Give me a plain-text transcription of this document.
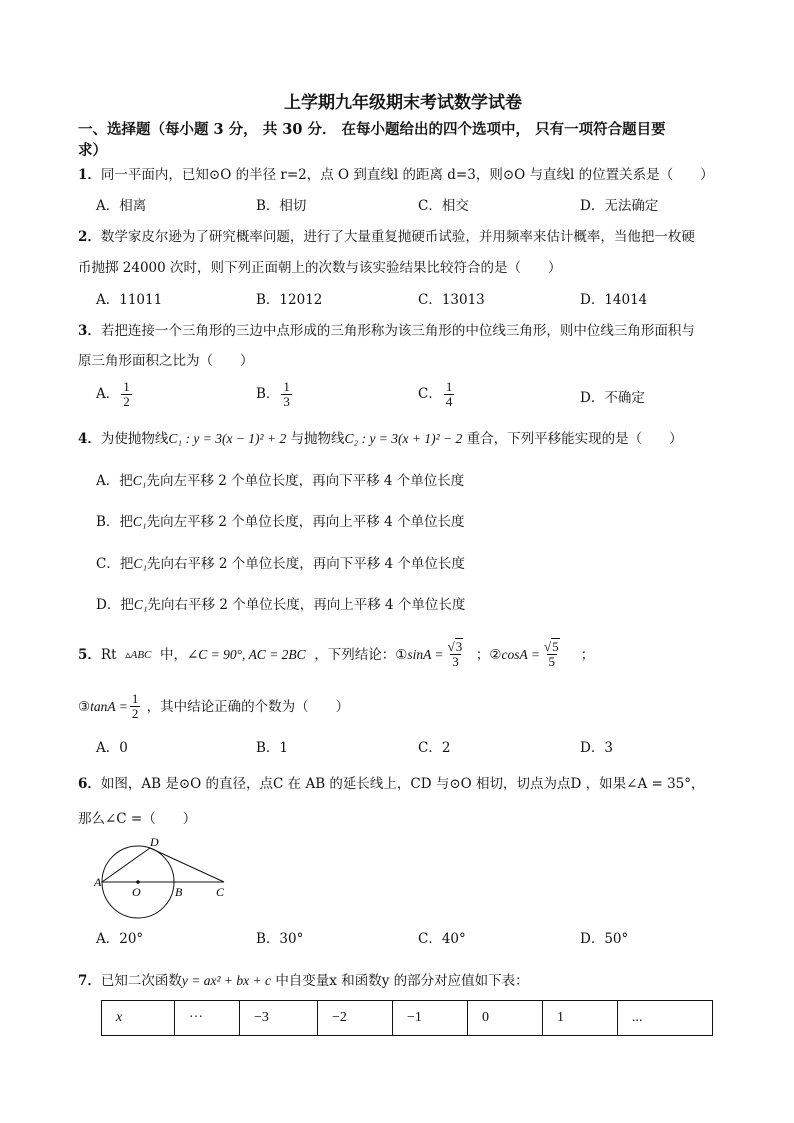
上学期九年级期末考试数学试卷
一、选择题（每小题 3 分， 共 30 分． 在每小题给出的四个选项中， 只有一项符合题目要
求）
1．同一平面内，已知⊙O 的半径 r=2，点 O 到直线l 的距离 d=3，则⊙O 与直线l 的位置关系是（　　）
A．相离	B．相切	C．相交	D．无法确定
2．数学家皮尔逊为了研究概率问题，进行了大量重复抛硬币试验，并用频率来估计概率，当他把一枚硬
币抛掷 24000 次时，则下列正面朝上的次数与该实验结果比较符合的是（　　）
A．11011	B．12012	C．13013	D．14014
3．若把连接一个三角形的三边中点形成的三角形称为该三角形的中位线三角形，则中位线三角形面积与
原三角形面积之比为（　　）
A． $\frac{1}{2}$	B． $\frac{1}{3}$	C． $\frac{1}{4}$	D．不确定
4．为使抛物线C₁ : y = 3(x − 1)² + 2 与抛物线C₂ : y = 3(x + 1)² − 2 重合，下列平移能实现的是（　　）
A．把C₁先向左平移 2 个单位长度，再向下平移 4 个单位长度
B．把C₁先向左平移 2 个单位长度，再向上平移 4 个单位长度
C．把C₁先向右平移 2 个单位长度，再向下平移 4 个单位长度
D．把C₁先向右平移 2 个单位长度，再向上平移 4 个单位长度
5． Rt
▵ABC
中， ∠C = 90°, AC = 2BC
，下列结论： ① $\sin A = \frac{√3}{3}$
； ② $\cos A = \frac{√5}{5}$
；
③ $\tan A = \frac{1}{2}$
，其中结论正确的个数为（　　）
A．0	B．1	C．2	D．3
6．如图，AB 是⊙O 的直径，点C 在 AB 的延长线上，CD 与⊙O 相切，切点为点D ，如果∠A = 35°，
那么∠C =（　　）
A
O	B	C
D
A．20°	B．30°	C．40°	D．50°
7．已知二次函数y = ax² + bx + c 中自变量x 和函数y 的部分对应值如下表：
x	···	−3	−2	−1	0	1	...
